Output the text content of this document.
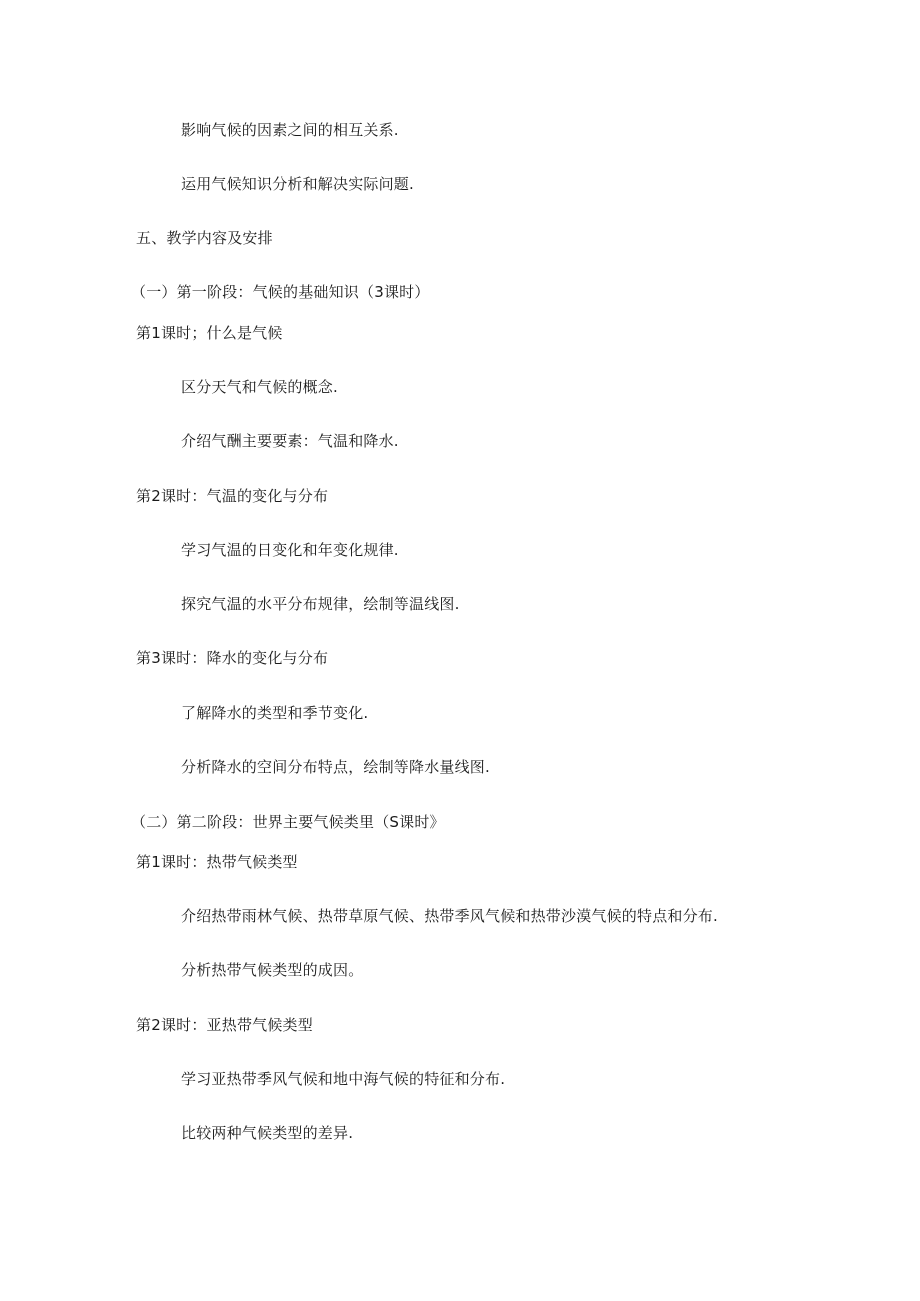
影响气候的因素之间的相互关系.
运用气候知识分析和解决实际问题.
五、教学内容及安排
（一）第一阶段：气候的基础知识（3课时）
第1课时；什么是气候
区分天气和气候的概念.
介绍气酬主要要素：气温和降水.
第2课时：气温的变化与分布
学习气温的日变化和年变化规律.
探究气温的水平分布规律，绘制等温线图.
第3课时：降水的变化与分布
了解降水的类型和季节变化.
分析降水的空间分布特点，绘制等降水量线图.
（二）第二阶段：世界主要气候类里（S课时》
第1课时：热带气候类型
介绍热带雨林气候、热带草原气候、热带季风气候和热带沙漠气候的特点和分布.
分析热带气候类型的成因。
第2课时：亚热带气候类型
学习亚热带季风气候和地中海气候的特征和分布.
比较两种气候类型的差异.
